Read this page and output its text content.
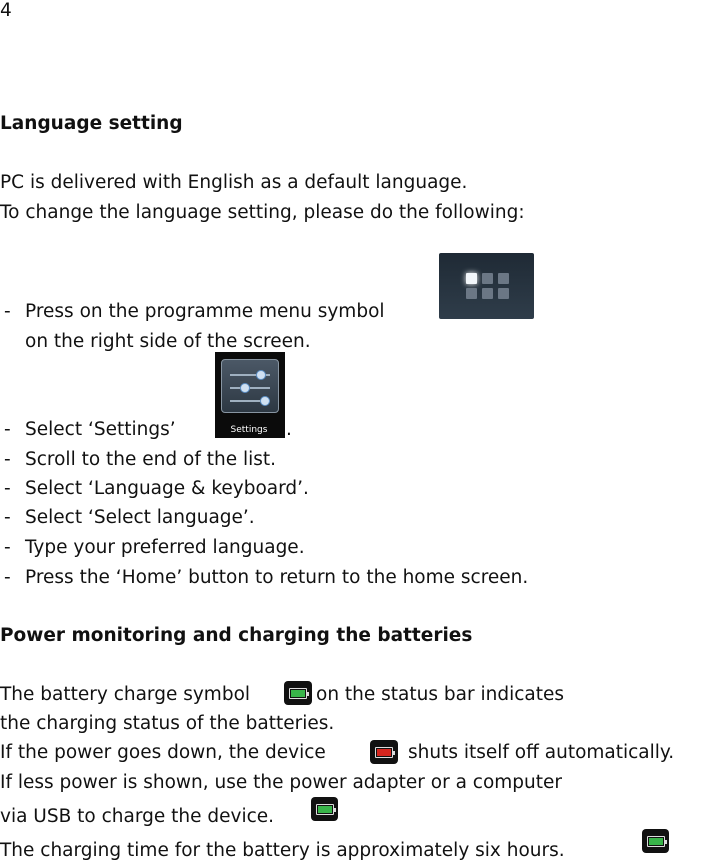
4
Language setting
PC is delivered with English as a default language.
To change the language setting, please do the following:
- Press on the programme menu symbol
on the right side of the screen.
- Select ‘Settings’	Settings	.
- Scroll to the end of the list.
- Select ‘Language & keyboard’.
- Select ‘Select language’.
- Type your preferred language.
- Press the ‘Home’ button to return to the home screen.
Power monitoring and charging the batteries
The battery charge symbol	on the status bar indicates
the charging status of the batteries.
If the power goes down, the device	shuts itself off automatically.
If less power is shown, use the power adapter or a computer
via USB to charge the device.
The charging time for the battery is approximately six hours.
